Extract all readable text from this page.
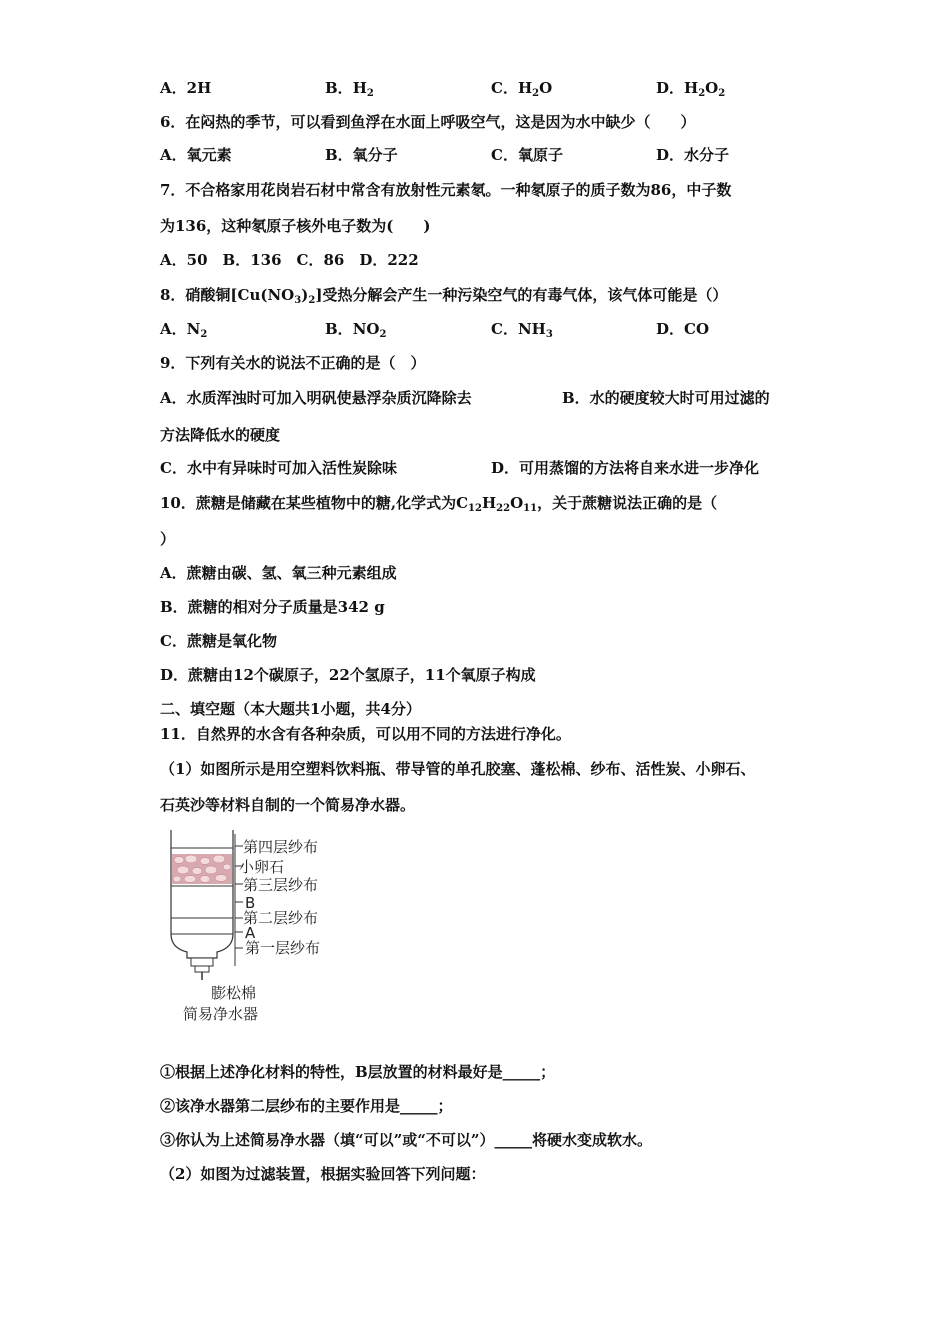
A．2H	B．$H_2$	C．$H_2O$	D．$H_2O_2$
6．在闷热的季节，可以看到鱼浮在水面上呼吸空气，这是因为水中缺少（　　）
A．氧元素	B．氧分子	C．氧原子	D．水分子
7．不合格家用花岗岩石材中常含有放射性元素氡。一种氡原子的质子数为86，中子数
为136，这种氡原子核外电子数为(　　)
A．50　B．136　C．86　D．222
8．硝酸铜$[Cu(NO_3)_2]$受热分解会产生一种污染空气的有毒气体，该气体可能是（）
A．$N_2$	B．$NO_2$	C．$NH_3$	D．CO
9．下列有关水的说法不正确的是（　）
A．水质浑浊时可加入明矾使悬浮杂质沉降除去	B．水的硬度较大时可用过滤的
方法降低水的硬度
C．水中有异味时可加入活性炭除味	D．可用蒸馏的方法将自来水进一步净化
10．蔗糖是储藏在某些植物中的糖,化学式为$C_{12}H_{22}O_{11}$，关于蔗糖说法正确的是（
）
A．蔗糖由碳、氢、氧三种元素组成
B．蔗糖的相对分子质量是342 g
C．蔗糖是氧化物
D．蔗糖由12个碳原子，22个氢原子，11个氧原子构成
二、填空题（本大题共1小题，共4分）
11．自然界的水含有各种杂质，可以用不同的方法进行净化。
（1）如图所示是用空塑料饮料瓶、带导管的单孔胶塞、蓬松棉、纱布、活性炭、小卵石、
石英沙等材料自制的一个简易净水器。
第四层纱布
小卵石
第三层纱布
B
第二层纱布
A
第一层纱布
膨松棉
简易净水器
①根据上述净化材料的特性，B层放置的材料最好是_____；
②该净水器第二层纱布的主要作用是_____；
③你认为上述简易净水器（填“可以”或“不可以”）_____将硬水变成软水。
（2）如图为过滤装置，根据实验回答下列问题：
